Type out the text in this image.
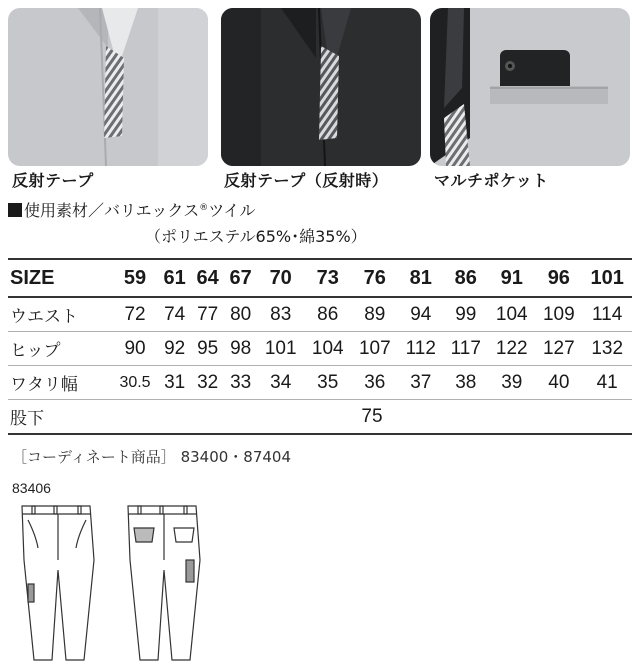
反射テープ	反射テープ（反射時）	マルチポケット
使用素材／バリエックス®ツイル
（ポリエステル65%･綿35%）
SIZE	59	61	64	67	70	73	76	81	86	91	96	101
ウエスト	72	74	77	80	83	86	89	94	99	104	109	114
ヒップ	90	92	95	98	101	104	107	112	117	122	127	132
ワタリ幅	30.5	31	32	33	34	35	36	37	38	39	40	41
股下	75											
［コーディネート商品］ 83400・87404
83406
